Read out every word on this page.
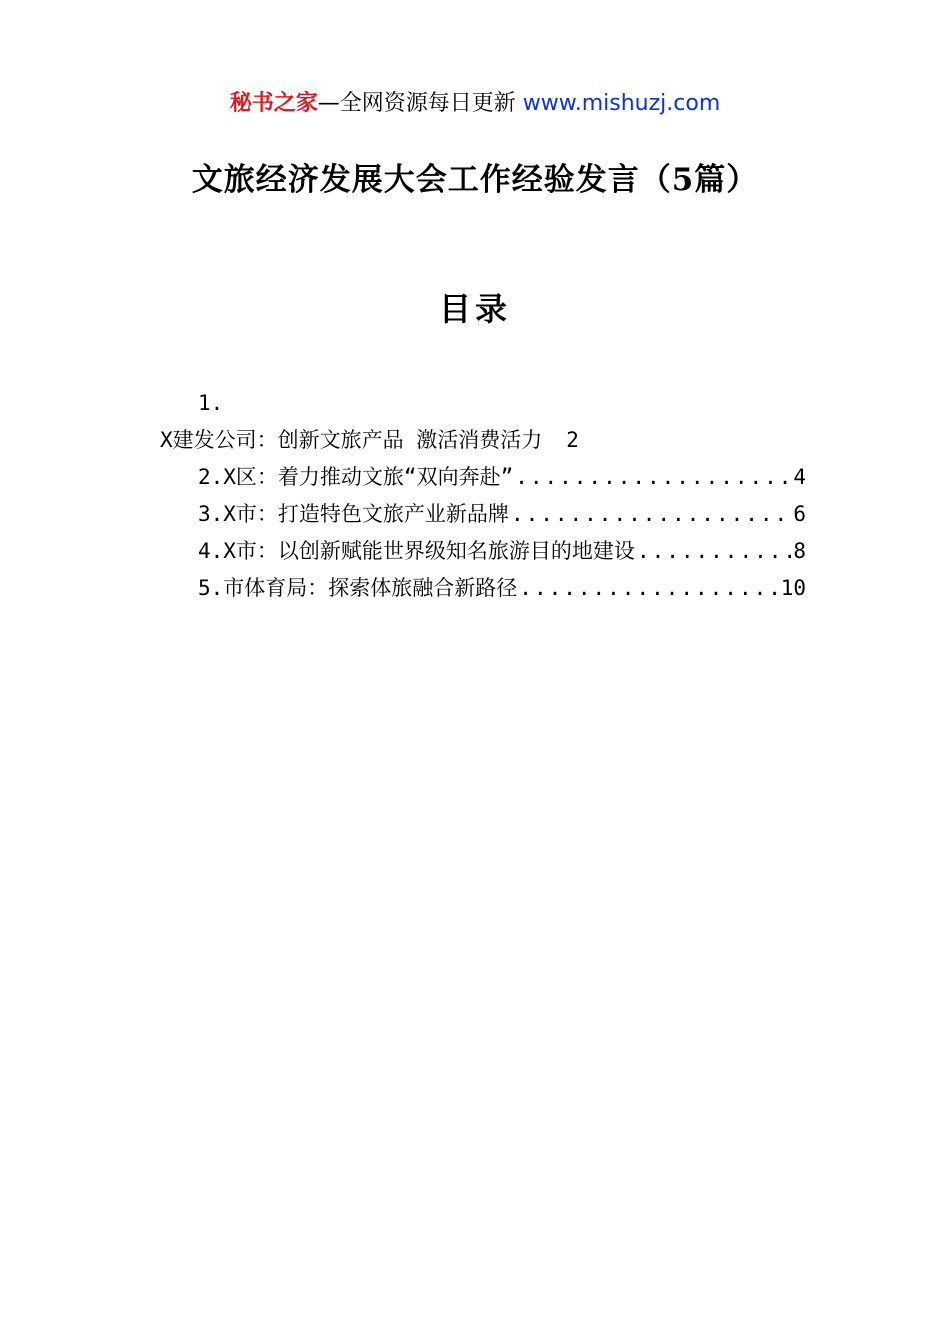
秘书之家—全网资源每日更新 www.mishuzj.com
文旅经济发展大会工作经验发言（5篇）
目录
1.
X建发公司：创新文旅产品 激活消费活力 2
2.X区：着力推动文旅“双向奔赴” .....	4
3.X市：打造特色文旅产业新品牌 .....	6
4.X市：以创新赋能世界级知名旅游目的地建设 .....	8
5.市体育局：探索体旅融合新路径 .....	10
